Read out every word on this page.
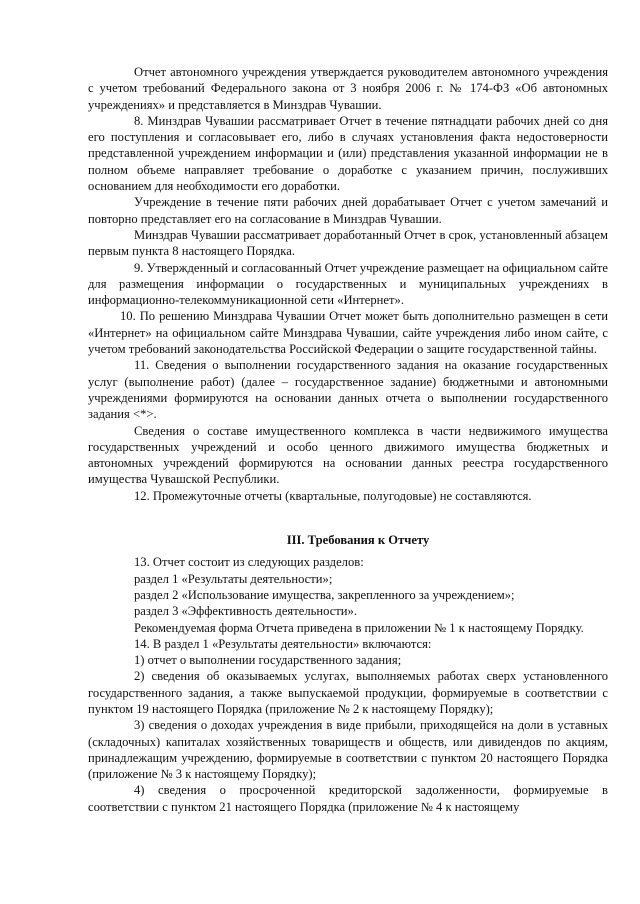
Отчет автономного учреждения утверждается руководителем автономного учреждения с учетом требований Федерального закона от 3 ноября 2006 г. № 174-ФЗ «Об автономных учреждениях» и представляется в Минздрав Чувашии.

8. Минздрав Чувашии рассматривает Отчет в течение пятнадцати рабочих дней со дня его поступления и согласовывает его, либо в случаях установления факта недостоверности представленной учреждением информации и (или) представления указанной информации не в полном объеме направляет требование о доработке с указанием причин, послуживших основанием для необходимости его доработки.

Учреждение в течение пяти рабочих дней дорабатывает Отчет с учетом замечаний и повторно представляет его на согласование в Минздрав Чувашии.

Минздрав Чувашии рассматривает доработанный Отчет в срок, установленный абзацем первым пункта 8 настоящего Порядка.

9. Утвержденный и согласованный Отчет учреждение размещает на официальном сайте для размещения информации о государственных и муниципальных учреждениях в информационно-телекоммуникационной сети «Интернет».

10. По решению Минздрава Чувашии Отчет может быть дополнительно размещен в сети «Интернет» на официальном сайте Минздрава Чувашии, сайте учреждения либо ином сайте, с учетом требований законодательства Российской Федерации о защите государственной тайны.

11. Сведения о выполнении государственного задания на оказание государственных услуг (выполнение работ) (далее – государственное задание) бюджетными и автономными учреждениями формируются на основании данных отчета о выполнении государственного задания <*>.

Сведения о составе имущественного комплекса в части недвижимого имущества государственных учреждений и особо ценного движимого имущества бюджетных и автономных учреждений формируются на основании данных реестра государственного имущества Чувашской Республики.

12. Промежуточные отчеты (квартальные, полугодовые) не составляются.

III. Требования к Отчету

13. Отчет состоит из следующих разделов:

раздел 1 «Результаты деятельности»;

раздел 2 «Использование имущества, закрепленного за учреждением»;

раздел 3 «Эффективность деятельности».

Рекомендуемая форма Отчета приведена в приложении № 1 к настоящему Порядку.

14. В раздел 1 «Результаты деятельности» включаются:

1) отчет о выполнении государственного задания;

2) сведения об оказываемых услугах, выполняемых работах сверх установленного государственного задания, а также выпускаемой продукции, формируемые в соответствии с пунктом 19 настоящего Порядка (приложение № 2 к настоящему Порядку);

3) сведения о доходах учреждения в виде прибыли, приходящейся на доли в уставных (складочных) капиталах хозяйственных товариществ и обществ, или дивидендов по акциям, принадлежащим учреждению, формируемые в соответствии с пунктом 20 настоящего Порядка (приложение № 3 к настоящему Порядку);

4) сведения о просроченной кредиторской задолженности, формируемые в соответствии с пунктом 21 настоящего Порядка (приложение № 4 к настоящему
